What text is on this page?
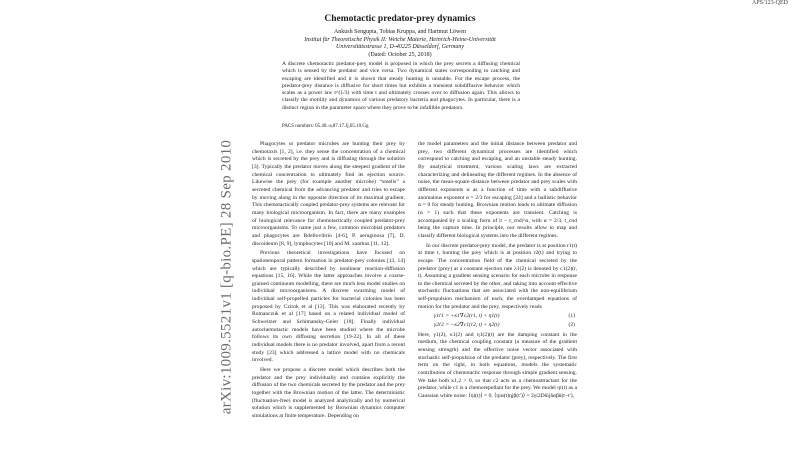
APS/123-QED
Chemotactic predator-prey dynamics
Ankush Sengupta, Tobias Kruppa, and Hartmut Löwen
Institut für Theoretische Physik II: Weiche Materie, Heinrich-Heine-Universität
Universitätsstrasse 1, D-40225 Düsseldorf, Germany
(Dated: October 25, 2018)
A discrete chemotactic predator-prey model is proposed in which the prey secrets a diffusing chemical which is sensed by the predator and vice versa. Two dynamical states corresponding to catching and escaping are identified and it is shown that steady hunting is unstable. For the escape process, the predator-prey distance is diffusive for short times but exhibits a transient subdiffusive behavior which scales as a power law t^(1/3) with time t and ultimately crosses over to diffusion again. This allows to classify the motility and dynamics of various predatory bacteria and phagocytes. In particular, there is a distinct region in the parameter space where they prove to be infallible predators.
PACS numbers: 05.40.-a,87.17.Jj,05.10.Gg
arXiv:1009.5521v1 [q-bio.PE] 28 Sep 2010	Phagocytes or predator microbes are hunting their prey by chemotaxis [1, 2], i.e. they sense the concentration of a chemical which is secreted by the prey and is diffusing through the solution [3]. Typically the predator moves along the steepest gradient of the chemical concentration to ultimately find its ejection source. Likewise the prey (for example another microbe) “smells” a secreted chemical from the advancing predator and tries to escape by moving along in the opposite direction of its maximal gradient. This chemotactically coupled predator-prey systems are relevant for many biological microorganism. In fact, there are many examples of biological relevance for chemotactically coupled predator-prey microorganisms. To name just a few, common microbial predators and phagocytes are Bdellovibrio [4-6], P. aeruginosa [7], D. discoideum [8, 9], lymphocytes [10] and M. xanthus [11, 12].

Previous theoretical investigations have focused on spatiotemporal pattern formation in predator-prey colonies [13, 14] which are typically described by nonlinear reaction-diffusion equations [15, 16]. While the latter approaches involve a coarse-grained continuum modelling, there are much less model studies on individual microorganisms. A discrete swarming model of individual self-propelled particles for bacterial colonies has been proposed by Czirok et al [13]. This was elaborated recently by Romanczuk et al [17] based on a related individual model of Schweitzer and Schimansky-Geier [18]. Finally individual autochemotactic models have been studied where the microbe follows its own diffusing secretion [19-22]. In all of these individual models there is no predator involved, apart from a recent study [23] which addressed a lattice model with no chemicals involved.

Here we propose a discrete model which describes both the predator and the prey individually and contains explicitly the diffusion of the two chemicals secreted by the predator and the prey together with the Brownian motion of the latter. The deterministic (fluctuation-free) model is analyzed analytically and by numerical solution which is supplemented by Brownian dynamics computer simulations at finite temperature. Depending on

the model parameters and the initial distance between predator and prey, two different dynamical processes are identified which correspond to catching and escaping, and an unstable steady hunting. By analytical treatment, various scaling laws are extracted characterizing and delineating the different regimes. In the absence of noise, the mean-square distance between predator and prey scales with different exponents α as a function of time with a subdiffusive anomalous exponent α = 2/3 for escaping [24] and a ballistic behavior α = 0 for steady hunting. Brownian motion leads to ultimate diffusion (α = 1) such that these exponents are transient. Catching is accompanied by a scaling form of |t − t_cnd|^α, with α = 2/3, t_cnd being the capture time. In principle, our results allow to map and classify different biological systems into the different regimes.

In our discrete predator-prey model, the predator is at position r1(t) at time t, hunting the prey which is at position r2(t) and trying to escape. The concentration field of the chemical secreted by the predator (prey) at a constant ejection rate λ1(2) is denoted by c1(2)(r, t). Assuming a gradient sensing scenario for each microbe in response to the chemical secreted by the other, and taking into account effective stochastic fluctuations that are associated with the non-equilibrium self-propulsion mechanism of each, the overdamped equations of motion for the predator and the prey, respectively reads

γ1ṙ1 = +κ1∇c2(r1, t) + η1(t)	(1)
γ2ṙ2 = −κ2∇c1(r2, t) + η2(t)	(2)

Here, γ1(2), κ1(2) and η1(2)(t) are the damping constant in the medium, the chemical coupling constant (a measure of the gradient sensing strength) and the effective noise vector associated with stochastic self-propulsion of the predator (prey), respectively. The first term on the right, in both equations, models the systematic contribution of chemotactic response through simple gradient sensing. We take both κ1,2 > 0, so that c2 acts as a chemoattractant for the predator, while c1 is a chemorepellant for the prey. We model ηi(t) as a Gaussian white noise: ⟨ηi(t)⟩ = 0, ⟨ηiα(t)ηjβ(t′)⟩ = 2γi2Dδijδαβδ(t−t′),
